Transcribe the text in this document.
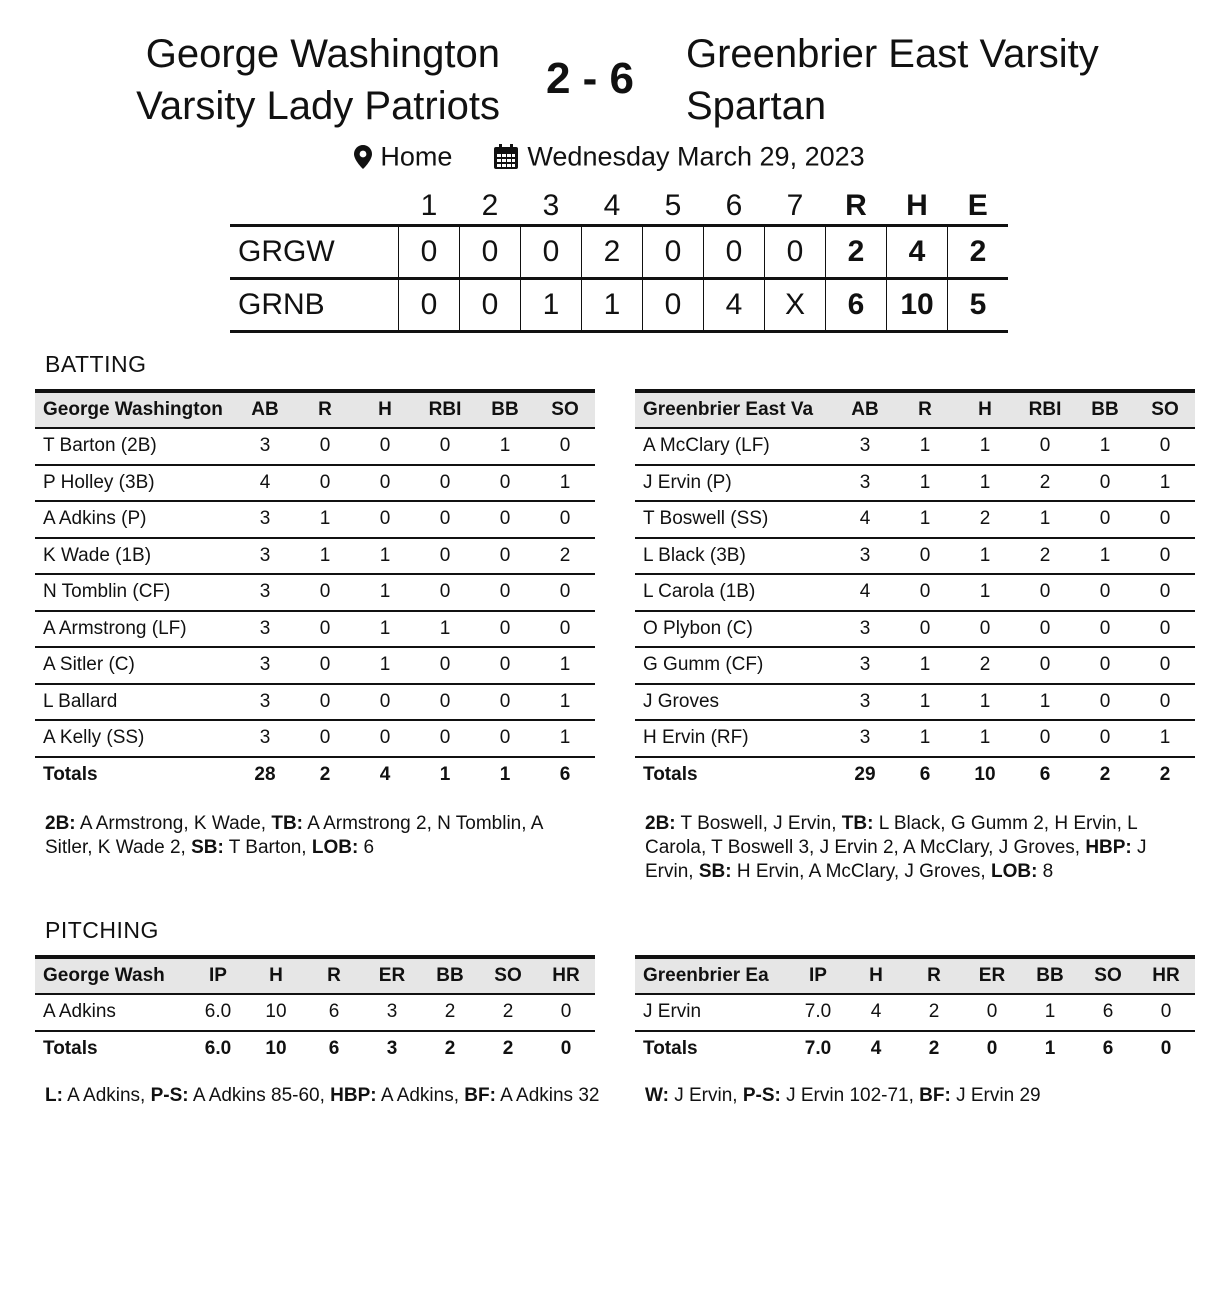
George Washington
Varsity Lady Patriots
2 - 6	Greenbrier East Varsity
Spartan
Home	Wednesday March 29, 2023
	1	2	3	4	5	6	7	R	H	E
GRGW	0	0	0	2	0	0	0	2	4	2
GRNB	0	0	1	1	0	4	X	6	10	5
BATTING
George Washington	AB	R	H	RBI	BB	SO
T Barton (2B)	3	0	0	0	1	0
P Holley (3B)	4	0	0	0	0	1
A Adkins (P)	3	1	0	0	0	0
K Wade (1B)	3	1	1	0	0	2
N Tomblin (CF)	3	0	1	0	0	0
A Armstrong (LF)	3	0	1	1	0	0
A Sitler (C)	3	0	1	0	0	1
L Ballard	3	0	0	0	0	1
A Kelly (SS)	3	0	0	0	0	1
Totals	28	2	4	1	1	6
Greenbrier East Va	AB	R	H	RBI	BB	SO
A McClary (LF)	3	1	1	0	1	0
J Ervin (P)	3	1	1	2	0	1
T Boswell (SS)	4	1	2	1	0	0
L Black (3B)	3	0	1	2	1	0
L Carola (1B)	4	0	1	0	0	0
O Plybon (C)	3	0	0	0	0	0
G Gumm (CF)	3	1	2	0	0	0
J Groves	3	1	1	1	0	0
H Ervin (RF)	3	1	1	0	0	1
Totals	29	6	10	6	2	2
2B: A Armstrong, K Wade, TB: A Armstrong 2, N Tomblin, A Sitler, K Wade 2, SB: T Barton, LOB: 6
2B: T Boswell, J Ervin, TB: L Black, G Gumm 2, H Ervin, L Carola, T Boswell 3, J Ervin 2, A McClary, J Groves, HBP: J Ervin, SB: H Ervin, A McClary, J Groves, LOB: 8
PITCHING
George Wash	IP	H	R	ER	BB	SO	HR
A Adkins	6.0	10	6	3	2	2	0
Totals	6.0	10	6	3	2	2	0
Greenbrier Ea	IP	H	R	ER	BB	SO	HR
J Ervin	7.0	4	2	0	1	6	0
Totals	7.0	4	2	0	1	6	0
L: A Adkins, P-S: A Adkins 85-60, HBP: A Adkins, BF: A Adkins 32 W: J Ervin, P-S: J Ervin 102-71, BF: J Ervin 29
